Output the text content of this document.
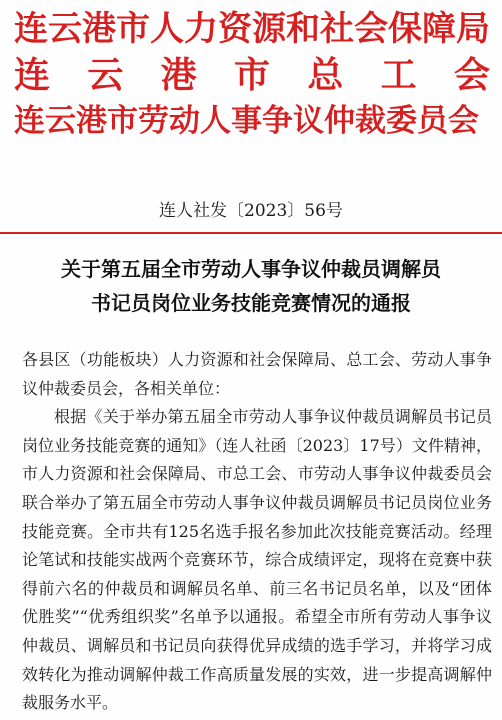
连云港市人力资源和社会保障局
连 云 港 市 总 工 会
连云港市劳动人事争议仲裁委员会
连人社发〔2023〕56号
关于第五届全市劳动人事争议仲裁员调解员
书记员岗位业务技能竞赛情况的通报

各县区（功能板块）人力资源和社会保障局、总工会、劳动人事争议仲裁委员会，各相关单位：

根据《关于举办第五届全市劳动人事争议仲裁员调解员书记员岗位业务技能竞赛的通知》（连人社函〔2023〕17号）文件精神，市人力资源和社会保障局、市总工会、市劳动人事争议仲裁委员会联合举办了第五届全市劳动人事争议仲裁员调解员书记员岗位业务技能竞赛。全市共有125名选手报名参加此次技能竞赛活动。经理论笔试和技能实战两个竞赛环节，综合成绩评定，现将在竞赛中获得前六名的仲裁员和调解员名单、前三名书记员名单，以及“团体优胜奖”“优秀组织奖”名单予以通报。希望全市所有劳动人事争议仲裁员、调解员和书记员向获得优异成绩的选手学习，并将学习成效转化为推动调解仲裁工作高质量发展的实效，进一步提高调解仲裁服务水平。
